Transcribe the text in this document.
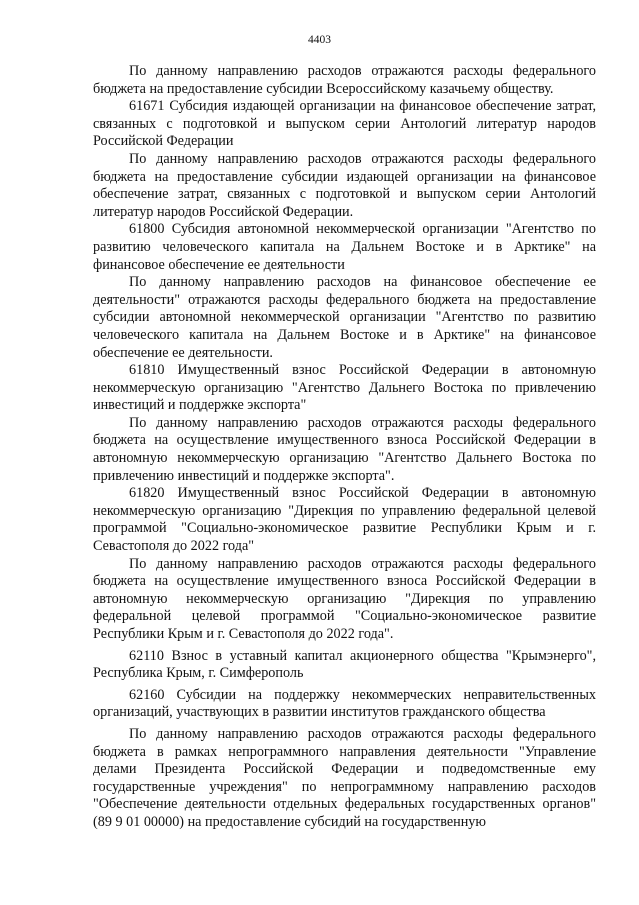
4403

По данному направлению расходов отражаются расходы федерального бюджета на предоставление субсидии Всероссийскому казачьему обществу.

61671 Субсидия издающей организации на финансовое обеспечение затрат, связанных с подготовкой и выпуском серии Антологий литератур народов Российской Федерации

По данному направлению расходов отражаются расходы федерального бюджета на предоставление субсидии издающей организации на финансовое обеспечение затрат, связанных с подготовкой и выпуском серии Антологий литератур народов Российской Федерации.

61800 Субсидия автономной некоммерческой организации "Агентство по развитию человеческого капитала на Дальнем Востоке и в Арктике" на финансовое обеспечение ее деятельности

По данному направлению расходов на финансовое обеспечение ее деятельности" отражаются расходы федерального бюджета на предоставление субсидии автономной некоммерческой организации "Агентство по развитию человеческого капитала на Дальнем Востоке и в Арктике" на финансовое обеспечение ее деятельности.

61810 Имущественный взнос Российской Федерации в автономную некоммерческую организацию "Агентство Дальнего Востока по привлечению инвестиций и поддержке экспорта"

По данному направлению расходов отражаются расходы федерального бюджета на осуществление имущественного взноса Российской Федерации в автономную некоммерческую организацию "Агентство Дальнего Востока по привлечению инвестиций и поддержке экспорта".

61820 Имущественный взнос Российской Федерации в автономную некоммерческую организацию "Дирекция по управлению федеральной целевой программой "Социально-экономическое развитие Республики Крым и г. Севастополя до 2022 года"

По данному направлению расходов отражаются расходы федерального бюджета на осуществление имущественного взноса Российской Федерации в автономную некоммерческую организацию "Дирекция по управлению федеральной целевой программой "Социально-экономическое развитие Республики Крым и г. Севастополя до 2022 года".

62110 Взнос в уставный капитал акционерного общества "Крымэнерго", Республика Крым, г. Симферополь

62160 Субсидии на поддержку некоммерческих неправительственных организаций, участвующих в развитии институтов гражданского общества

По данному направлению расходов отражаются расходы федерального бюджета в рамках непрограммного направления деятельности "Управление делами Президента Российской Федерации и подведомственные ему государственные учреждения" по непрограммному направлению расходов "Обеспечение деятельности отдельных федеральных государственных органов" (89 9 01 00000) на предоставление субсидий на государственную
